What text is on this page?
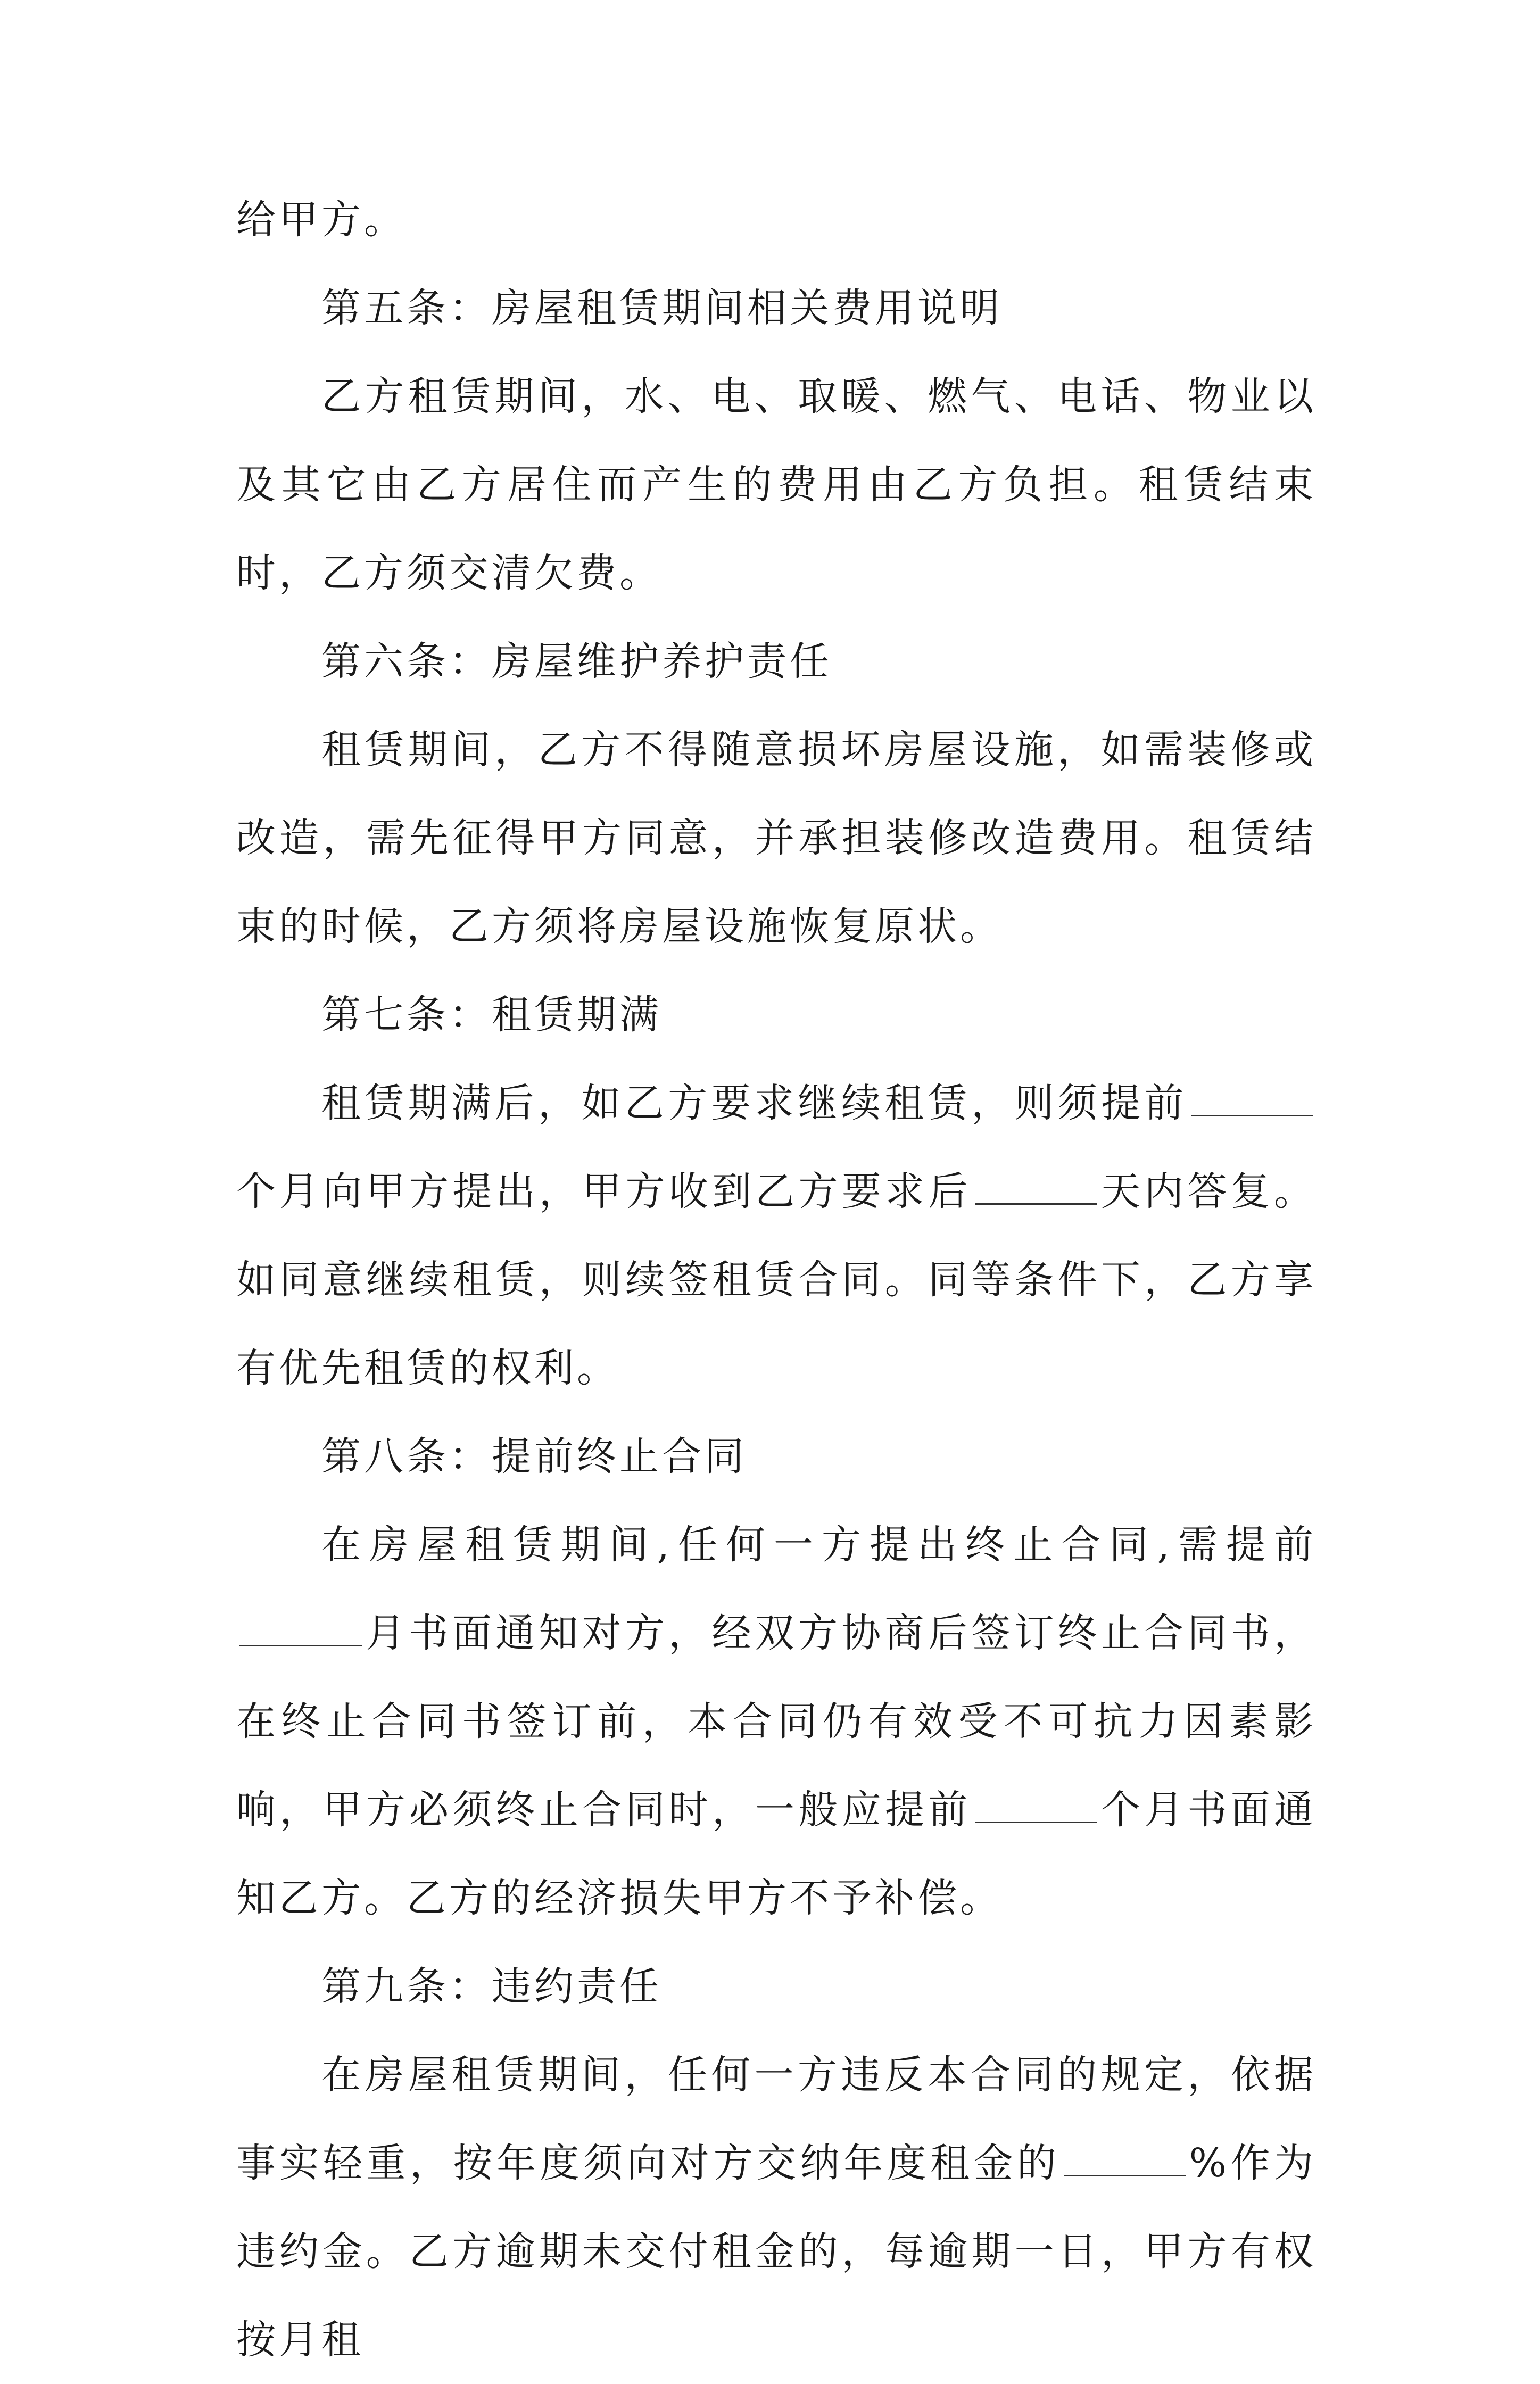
给甲方。

第五条：房屋租赁期间相关费用说明

乙方租赁期间，水、电、取暖、燃气、电话、物业以及其它由乙方居住而产生的费用由乙方负担。租赁结束时，乙方须交清欠费。

第六条：房屋维护养护责任

租赁期间，乙方不得随意损坏房屋设施，如需装修或改造，需先征得甲方同意，并承担装修改造费用。租赁结束的时候，乙方须将房屋设施恢复原状。

第七条：租赁期满

租赁期满后，如乙方要求继续租赁，则须提前个月向甲方提出，甲方收到乙方要求后	天内答复。如同意继续租赁，则续签租赁合同。同等条件下，乙方享有优先租赁的权利。

第八条：提前终止合同

在房屋租赁期间,任何一方提出终止合同,需提前月书面通知对方，经双方协商后签订终止合同书，在终止合同书签订前，本合同仍有效受不可抗力因素影响，甲方必须终止合同时，一般应提前	个月书面通知乙方。乙方的经济损失甲方不予补偿。

第九条：违约责任

在房屋租赁期间，任何一方违反本合同的规定，依据事实轻重，按年度须向对方交纳年度租金的	%作为违约金。乙方逾期未交付租金的，每逾期一日，甲方有权按月租
